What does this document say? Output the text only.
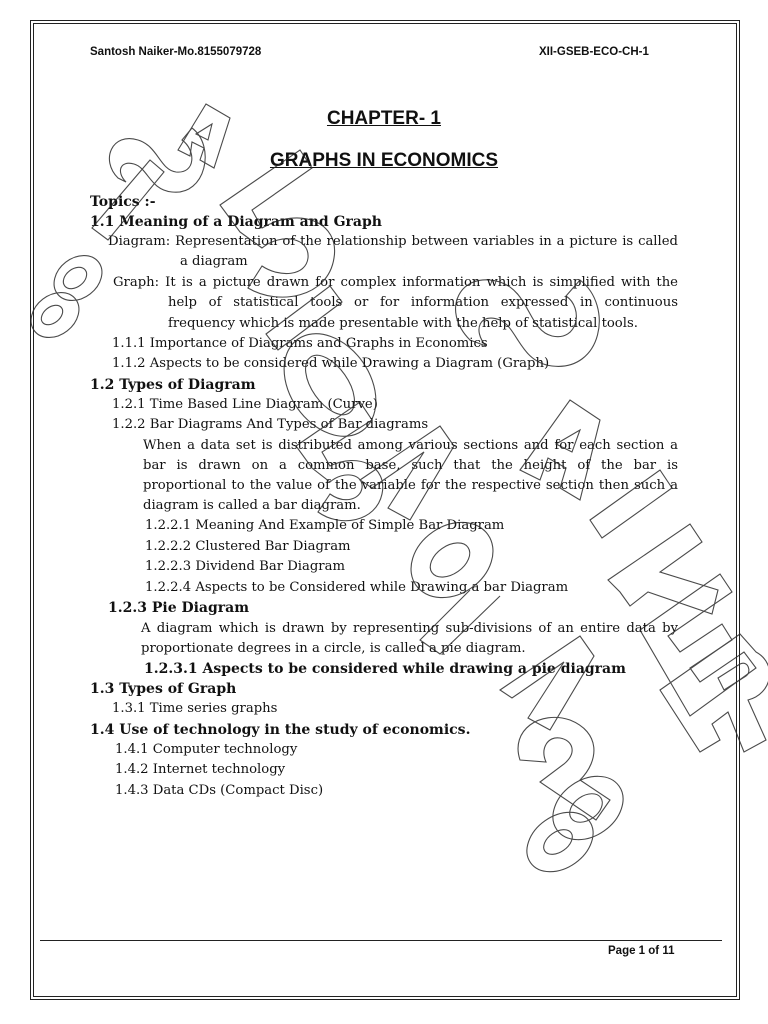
Santosh Naiker-Mo.8155079728	XII-GSEB-ECO-CH-1
CHAPTER- 1
GRAPHS IN ECONOMICS
Topics :-
1.1 Meaning of a Diagram and Graph
Diagram: Representation of the relationship between variables in a picture is called
a diagram
Graph: It is a picture drawn for complex information which is simplified with the
help of statistical tools or for information expressed in continuous
frequency which is made presentable with the help of statistical tools.
1.1.1 Importance of Diagrams and Graphs in Economics
1.1.2 Aspects to be considered while Drawing a Diagram (Graph)
1.2 Types of Diagram
1.2.1 Time Based Line Diagram (Curve)
1.2.2 Bar Diagrams And Types of Bar diagrams
When a data set is distributed among various sections and for each section a
bar is drawn on a common base, such that the height of the bar is
proportional to the value of the variable for the respective section then such a
diagram is called a bar diagram.
1.2.2.1 Meaning And Example of Simple Bar Diagram
1.2.2.2 Clustered Bar Diagram
1.2.2.3 Dividend Bar Diagram
1.2.2.4 Aspects to be Considered while Drawing a bar Diagram
1.2.3 Pie Diagram
A diagram which is drawn by representing sub-divisions of an entire data by
proportionate degrees in a circle, is called a pie diagram.
1.2.3.1 Aspects to be considered while drawing a pie diagram
1.3 Types of Graph
1.3.1 Time series graphs
1.4 Use of technology in the study of economics.
1.4.1 Computer technology
1.4.2 Internet technology
1.4.3 Data CDs (Compact Disc)
Page 1 of 11
